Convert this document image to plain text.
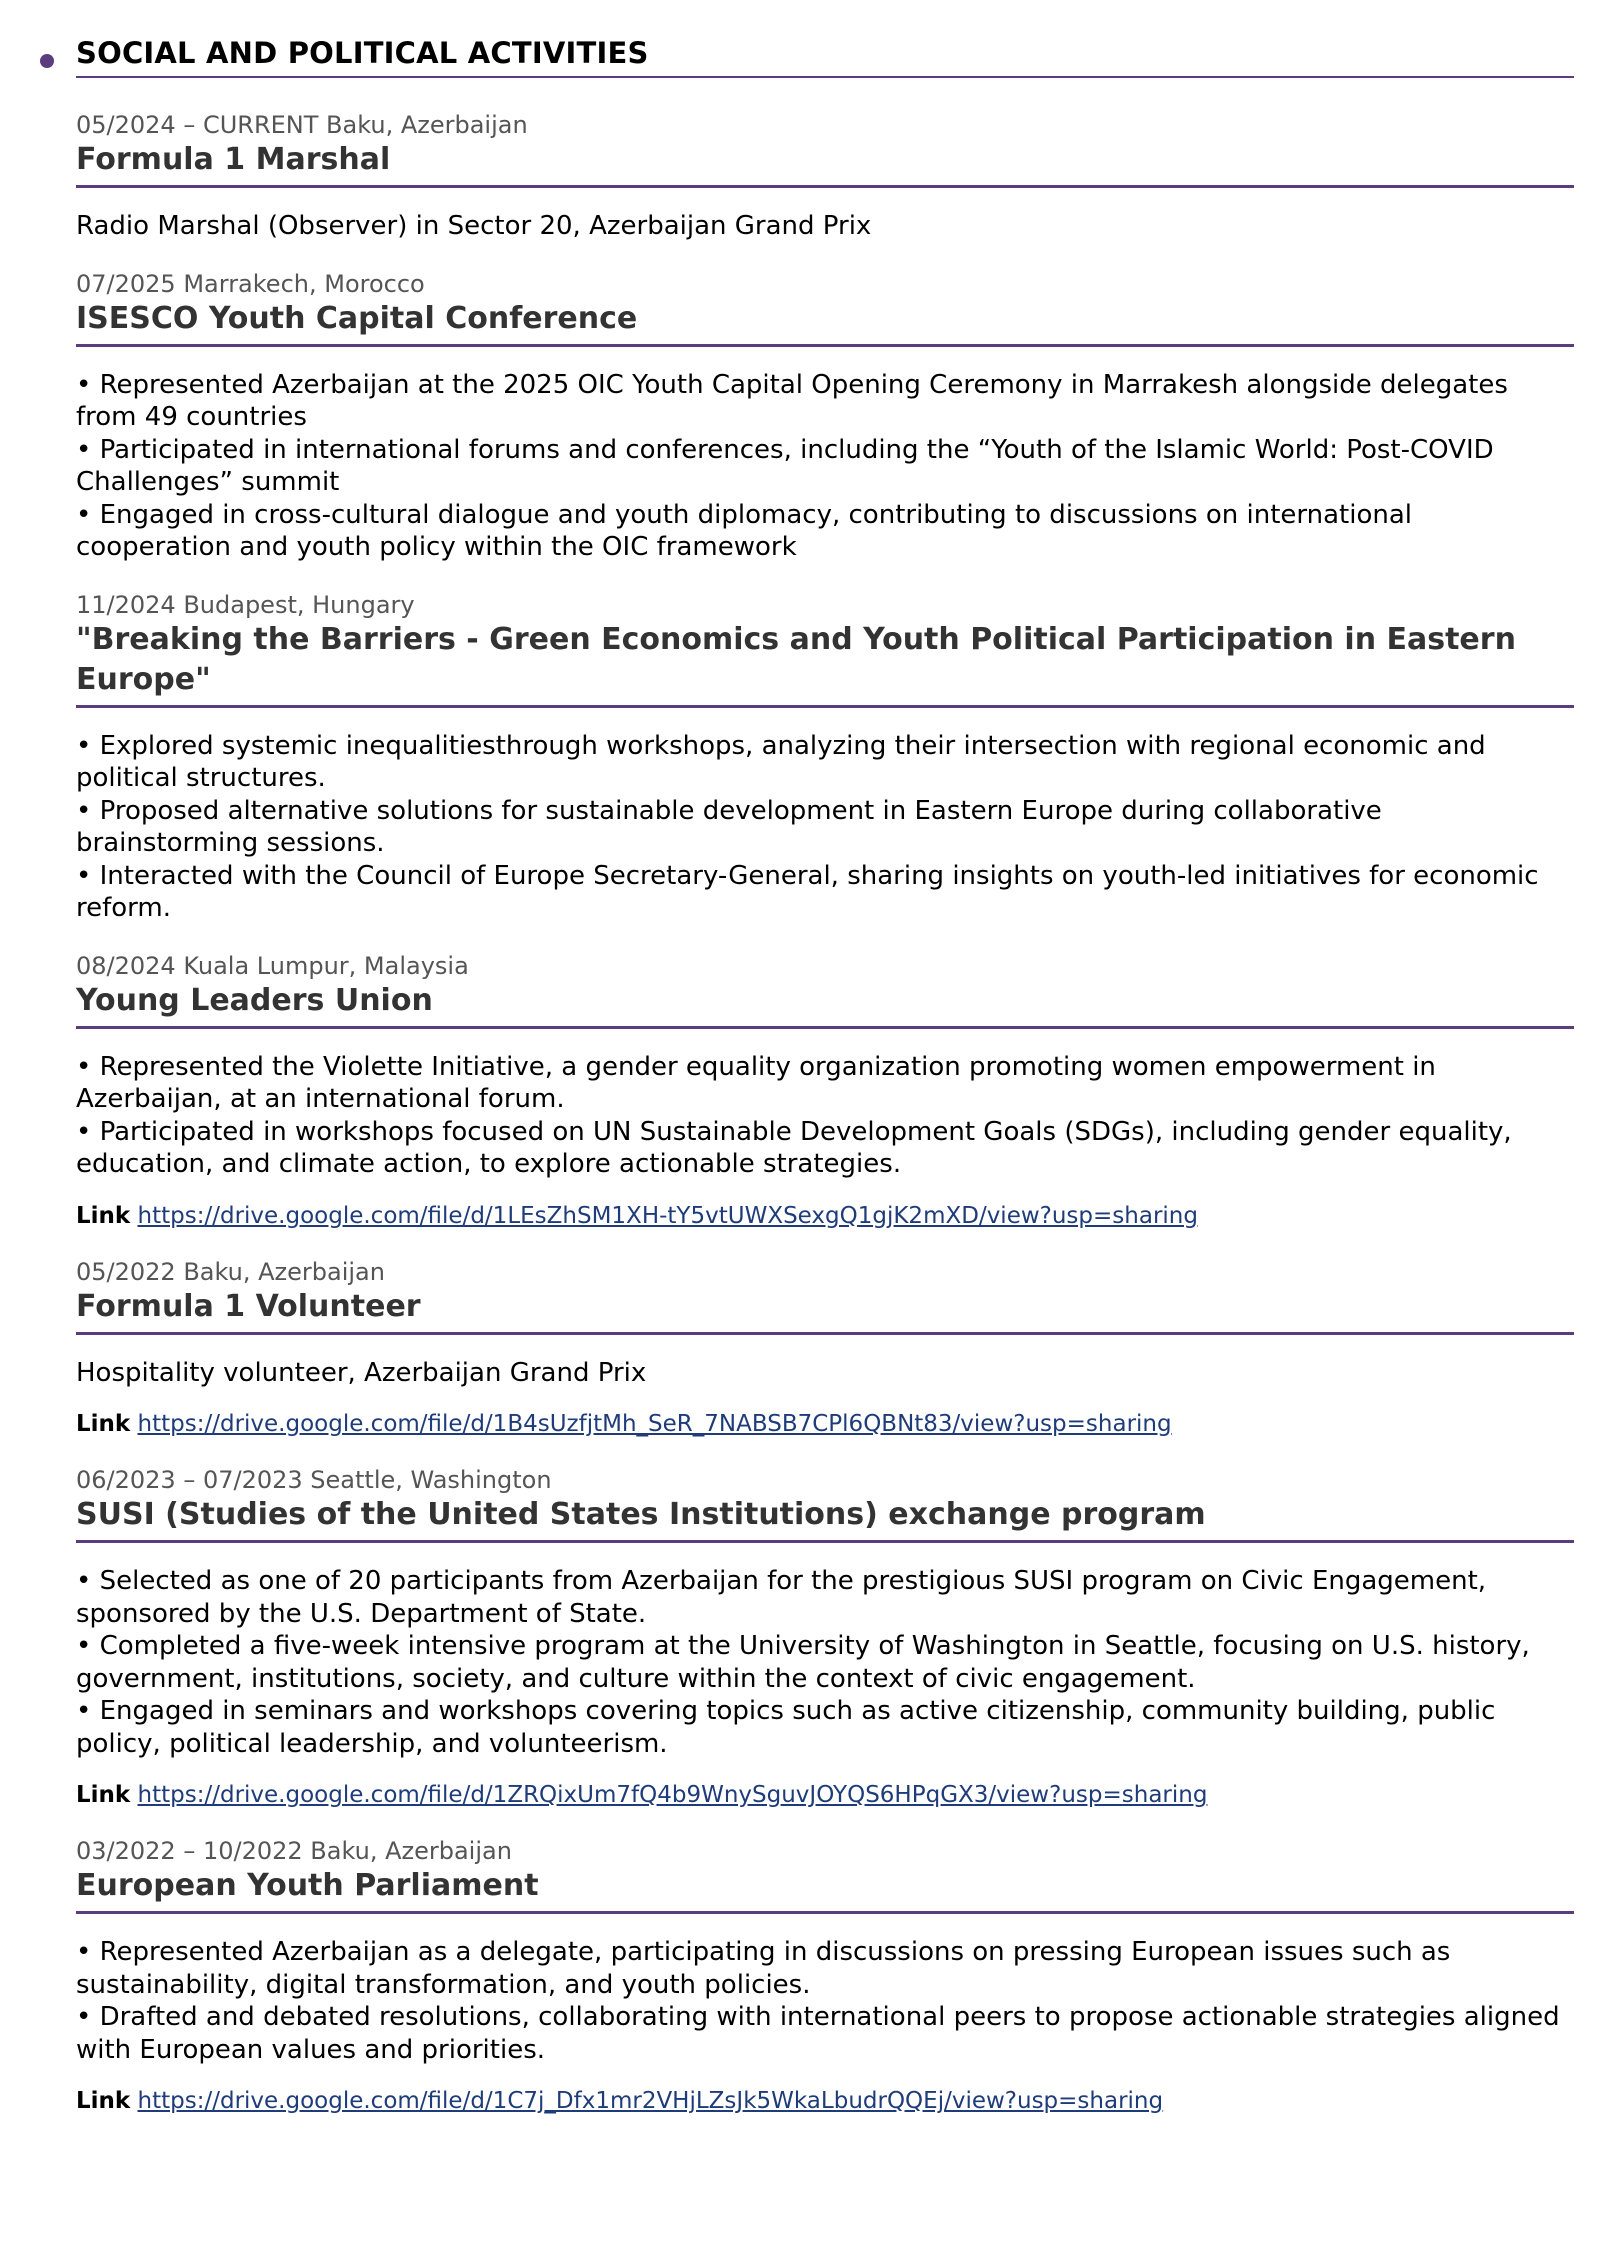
SOCIAL AND POLITICAL ACTIVITIES
05/2024 – CURRENT Baku, Azerbaijan
Formula 1 Marshal
Radio Marshal (Observer) in Sector 20, Azerbaijan Grand Prix
07/2025 Marrakech, Morocco
ISESCO Youth Capital Conference
• Represented Azerbaijan at the 2025 OIC Youth Capital Opening Ceremony in Marrakesh alongside delegates
from 49 countries
• Participated in international forums and conferences, including the “Youth of the Islamic World: Post-COVID
Challenges” summit
• Engaged in cross-cultural dialogue and youth diplomacy, contributing to discussions on international
cooperation and youth policy within the OIC framework
11/2024 Budapest, Hungary
"Breaking the Barriers - Green Economics and Youth Political Participation in Eastern Europe"
• Explored systemic inequalitiesthrough workshops, analyzing their intersection with regional economic and
political structures.
• Proposed alternative solutions for sustainable development in Eastern Europe during collaborative
brainstorming sessions.
• Interacted with the Council of Europe Secretary-General, sharing insights on youth-led initiatives for economic
reform.
08/2024 Kuala Lumpur, Malaysia
Young Leaders Union
• Represented the Violette Initiative, a gender equality organization promoting women empowerment in
Azerbaijan, at an international forum.
• Participated in workshops focused on UN Sustainable Development Goals (SDGs), including gender equality,
education, and climate action, to explore actionable strategies.
Link https://drive.google.com/file/d/1LEsZhSM1XH-tY5vtUWXSexgQ1gjK2mXD/view?usp=sharing
05/2022 Baku, Azerbaijan
Formula 1 Volunteer
Hospitality volunteer, Azerbaijan Grand Prix
Link https://drive.google.com/file/d/1B4sUzfjtMh_SeR_7NABSB7CPl6QBNt83/view?usp=sharing
06/2023 – 07/2023 Seattle, Washington
SUSI (Studies of the United States Institutions) exchange program
• Selected as one of 20 participants from Azerbaijan for the prestigious SUSI program on Civic Engagement,
sponsored by the U.S. Department of State.
• Completed a five-week intensive program at the University of Washington in Seattle, focusing on U.S. history,
government, institutions, society, and culture within the context of civic engagement.
• Engaged in seminars and workshops covering topics such as active citizenship, community building, public
policy, political leadership, and volunteerism.
Link https://drive.google.com/file/d/1ZRQixUm7fQ4b9WnySguvJOYQS6HPqGX3/view?usp=sharing
03/2022 – 10/2022 Baku, Azerbaijan
European Youth Parliament
• Represented Azerbaijan as a delegate, participating in discussions on pressing European issues such as
sustainability, digital transformation, and youth policies.
• Drafted and debated resolutions, collaborating with international peers to propose actionable strategies aligned
with European values and priorities.
Link https://drive.google.com/file/d/1C7j_Dfx1mr2VHjLZsJk5WkaLbudrQQEj/view?usp=sharing
